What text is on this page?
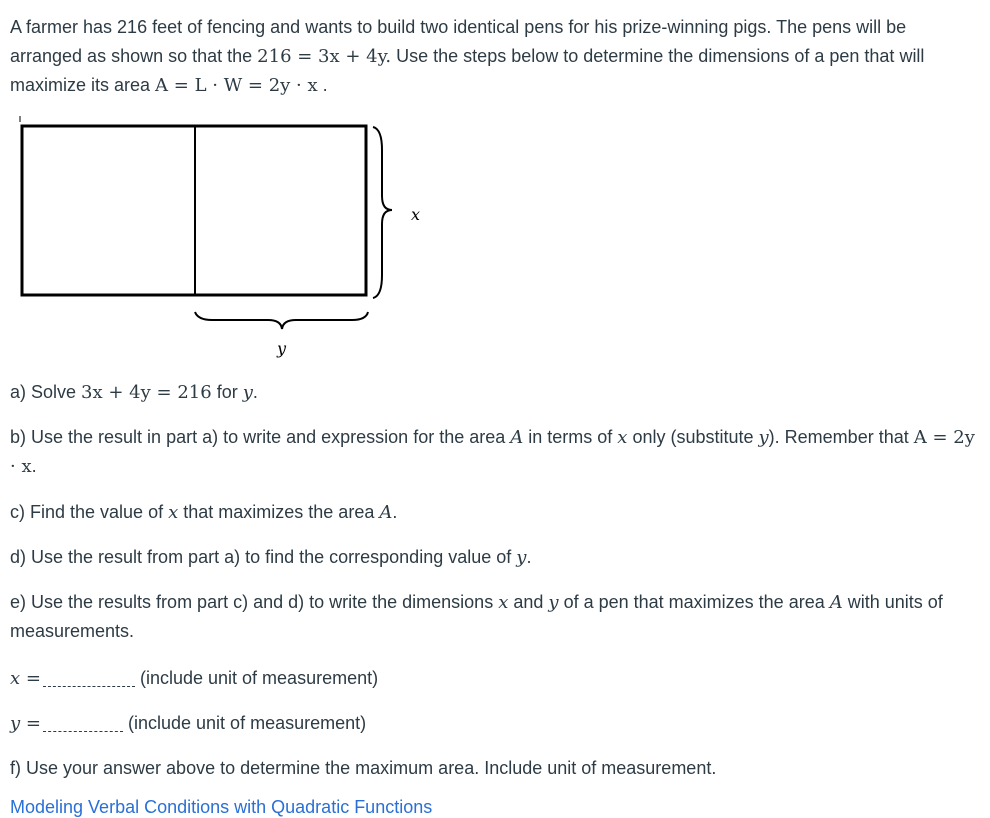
A farmer has 216 feet of fencing and wants to build two identical pens for his prize-winning pigs. The pens will be arranged as shown so that the 216 = 3x + 4y. Use the steps below to determine the dimensions of a pen that will maximize its area A = L · W = 2y · x .

x
y

a) Solve 3x + 4y = 216 for y.

b) Use the result in part a) to write and expression for the area A in terms of x only (substitute y). Remember that A = 2y · x.

c) Find the value of x that maximizes the area A.

d) Use the result from part a) to find the corresponding value of y.

e) Use the results from part c) and d) to write the dimensions x and y of a pen that maximizes the area A with units of measurements.

x =	(include unit of measurement)

y =	(include unit of measurement)

f) Use your answer above to determine the maximum area. Include unit of measurement.

Modeling Verbal Conditions with Quadratic Functions
